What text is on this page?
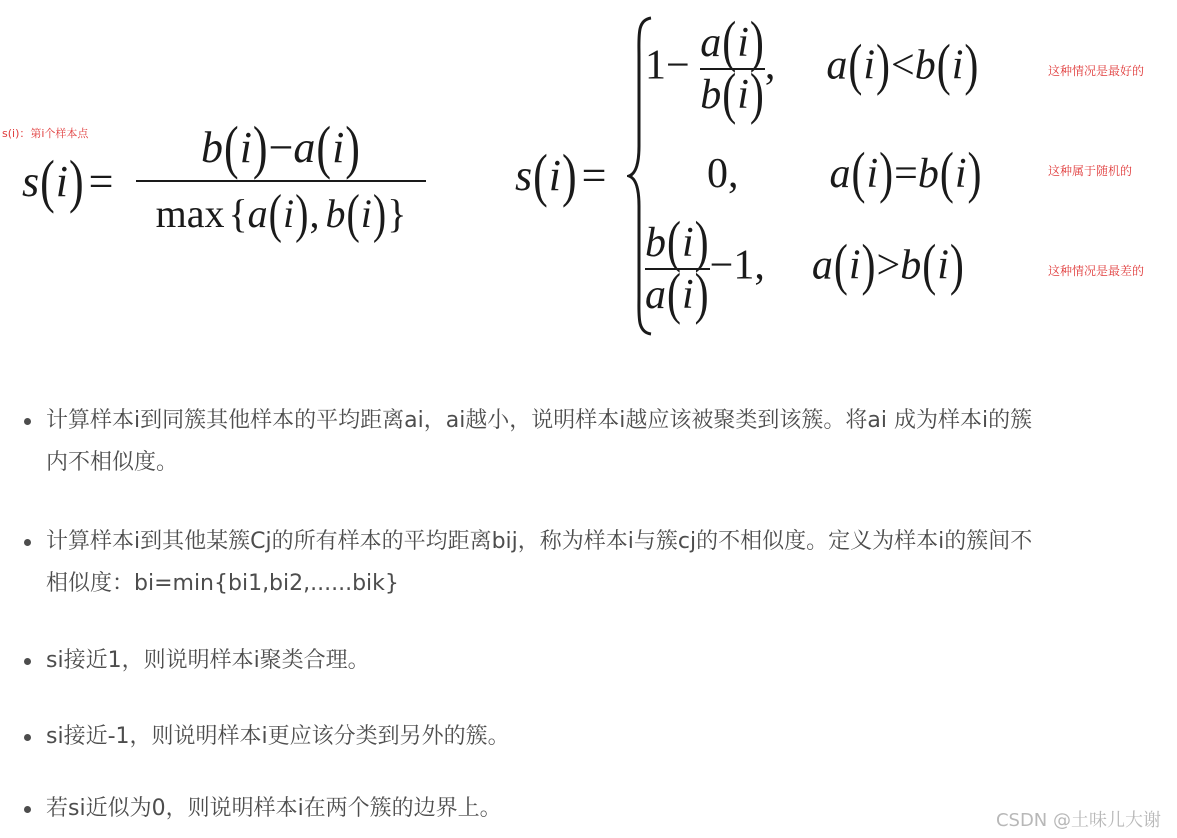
s(i)：第i个样本点
s(i) =
b(i)−a(i)
max {a(i), b(i)}
s(i) =
$1- \frac{a(i)}{b(i)}$ , a(i)<b(i)
0, a(i)=b(i)
$\frac{b(i)}{a(i)} -1$, a(i)>b(i)
这种情况是最好的
这种属于随机的
这种情况是最差的
计算样本i到同簇其他样本的平均距离ai，ai越小，说明样本i越应该被聚类到该簇。将ai 成为样本i的簇内不相似度。
计算样本i到其他某簇Cj的所有样本的平均距离bij，称为样本i与簇cj的不相似度。定义为样本i的簇间不相似度：bi=min{bi1,bi2,......bik}
si接近1，则说明样本i聚类合理。
si接近-1，则说明样本i更应该分类到另外的簇。
若si近似为0，则说明样本i在两个簇的边界上。	CSDN @土味儿大谢
